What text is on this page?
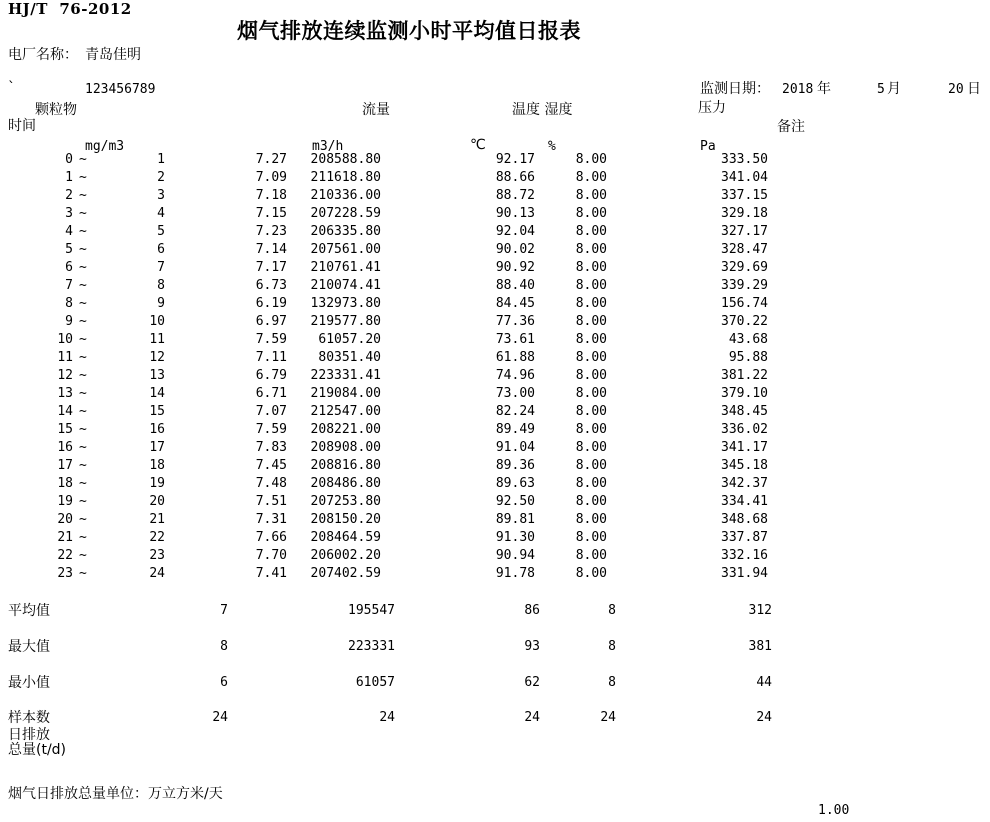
HJ/T  76-2012
烟气排放连续监测小时平均值日报表
电厂名称： 青岛佳明
`	123456789	监测日期： 2018 年	5 月	20 日
颗粒物	流量	温度 湿度	压力
时间	备注
mg/m3	m3/h	℃	%	Pa
0 ~	1	7.27	208588.80	92.17	8.00	333.50
1 ~	2	7.09	211618.80	88.66	8.00	341.04
2 ~	3	7.18	210336.00	88.72	8.00	337.15
3 ~	4	7.15	207228.59	90.13	8.00	329.18
4 ~	5	7.23	206335.80	92.04	8.00	327.17
5 ~	6	7.14	207561.00	90.02	8.00	328.47
6 ~	7	7.17	210761.41	90.92	8.00	329.69
7 ~	8	6.73	210074.41	88.40	8.00	339.29
8 ~	9	6.19	132973.80	84.45	8.00	156.74
9 ~	10	6.97	219577.80	77.36	8.00	370.22
10 ~	11	7.59	61057.20	73.61	8.00	43.68
11 ~	12	7.11	80351.40	61.88	8.00	95.88
12 ~	13	6.79	223331.41	74.96	8.00	381.22
13 ~	14	6.71	219084.00	73.00	8.00	379.10
14 ~	15	7.07	212547.00	82.24	8.00	348.45
15 ~	16	7.59	208221.00	89.49	8.00	336.02
16 ~	17	7.83	208908.00	91.04	8.00	341.17
17 ~	18	7.45	208816.80	89.36	8.00	345.18
18 ~	19	7.48	208486.80	89.63	8.00	342.37
19 ~	20	7.51	207253.80	92.50	8.00	334.41
20 ~	21	7.31	208150.20	89.81	8.00	348.68
21 ~	22	7.66	208464.59	91.30	8.00	337.87
22 ~	23	7.70	206002.20	90.94	8.00	332.16
23 ~	24	7.41	207402.59	91.78	8.00	331.94
平均值	7	195547	86	8	312
最大值	8	223331	93	8	381
最小值	6	61057	62	8	44
样本数	24	24	24	24	24
日排放
总量(t/d)
烟气日排放总量单位：万立方米/天
1.00
